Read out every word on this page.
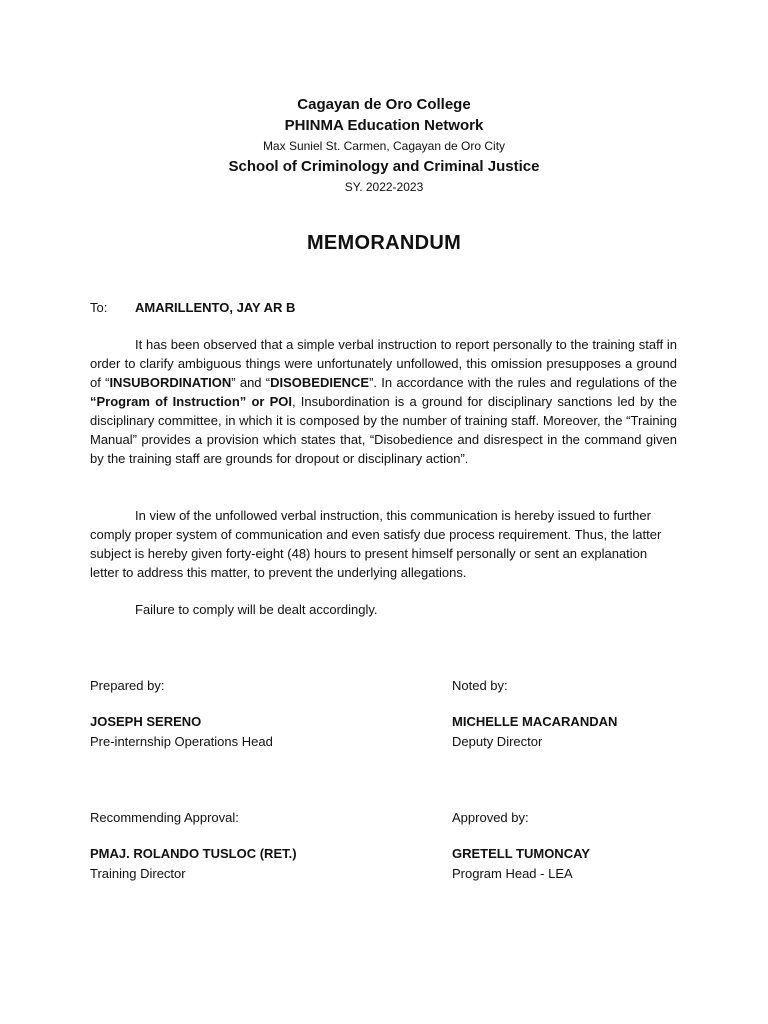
Cagayan de Oro College
PHINMA Education Network
Max Suniel St. Carmen, Cagayan de Oro City
School of Criminology and Criminal Justice
SY. 2022-2023
MEMORANDUM
To: AMARILLENTO, JAY AR B
It has been observed that a simple verbal instruction to report personally to the training staff in order to clarify ambiguous things were unfortunately unfollowed, this omission presupposes a ground of “INSUBORDINATION” and “DISOBEDIENCE”. In accordance with the rules and regulations of the “Program of Instruction” or POI, Insubordination is a ground for disciplinary sanctions led by the disciplinary committee, in which it is composed by the number of training staff. Moreover, the “Training Manual” provides a provision which states that, “Disobedience and disrespect in the command given by the training staff are grounds for dropout or disciplinary action”.
In view of the unfollowed verbal instruction, this communication is hereby issued to further comply proper system of communication and even satisfy due process requirement. Thus, the latter subject is hereby given forty-eight (48) hours to present himself personally or sent an explanation letter to address this matter, to prevent the underlying allegations.
Failure to comply will be dealt accordingly.
Prepared by:
JOSEPH SERENO
Pre-internship Operations Head
Noted by:
MICHELLE MACARANDAN
Deputy Director
Recommending Approval:
PMAJ. ROLANDO TUSLOC (RET.)
Training Director
Approved by:
GRETELL TUMONCAY
Program Head - LEA
